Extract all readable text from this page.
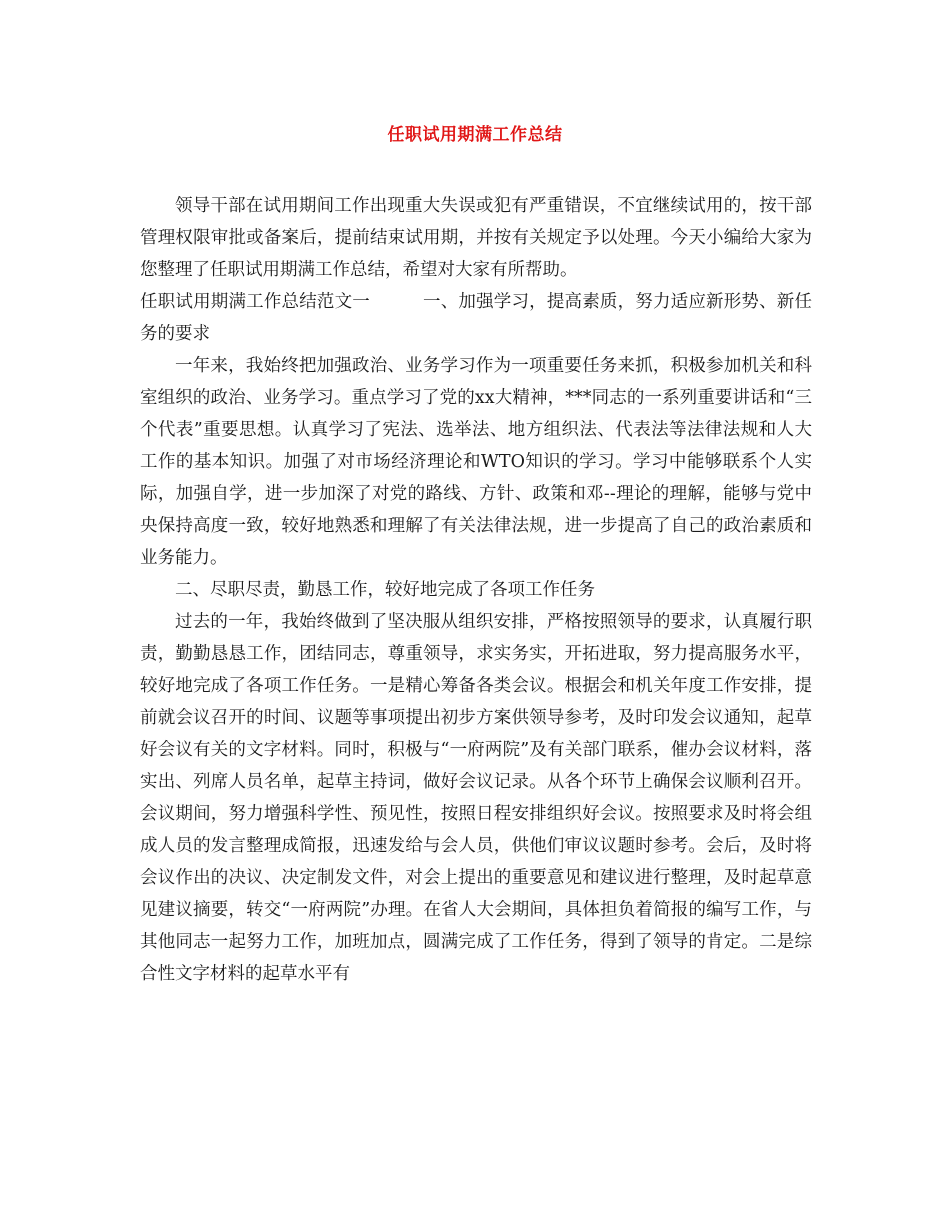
任职试用期满工作总结

领导干部在试用期间工作出现重大失误或犯有严重错误，不宜继续试用的，按干部管理权限审批或备案后，提前结束试用期，并按有关规定予以处理。今天小编给大家为您整理了任职试用期满工作总结，希望对大家有所帮助。

任职试用期满工作总结范文一　　　一、加强学习，提高素质，努力适应新形势、新任务的要求

一年来，我始终把加强政治、业务学习作为一项重要任务来抓，积极参加机关和科室组织的政治、业务学习。重点学习了党的xx大精神，***同志的一系列重要讲话和“三个代表”重要思想。认真学习了宪法、选举法、地方组织法、代表法等法律法规和人大工作的基本知识。加强了对市场经济理论和WTO知识的学习。学习中能够联系个人实际，加强自学，进一步加深了对党的路线、方针、政策和邓--理论的理解，能够与党中央保持高度一致，较好地熟悉和理解了有关法律法规，进一步提高了自己的政治素质和业务能力。

二、尽职尽责，勤恳工作，较好地完成了各项工作任务

过去的一年，我始终做到了坚决服从组织安排，严格按照领导的要求，认真履行职责，勤勤恳恳工作，团结同志，尊重领导，求实务实，开拓进取，努力提高服务水平，较好地完成了各项工作任务。一是精心筹备各类会议。根据会和机关年度工作安排，提前就会议召开的时间、议题等事项提出初步方案供领导参考，及时印发会议通知，起草好会议有关的文字材料。同时，积极与“一府两院”及有关部门联系，催办会议材料，落实出、列席人员名单，起草主持词，做好会议记录。从各个环节上确保会议顺利召开。会议期间，努力增强科学性、预见性，按照日程安排组织好会议。按照要求及时将会组成人员的发言整理成简报，迅速发给与会人员，供他们审议议题时参考。会后，及时将会议作出的决议、决定制发文件，对会上提出的重要意见和建议进行整理，及时起草意见建议摘要，转交“一府两院”办理。在省人大会期间，具体担负着简报的编写工作，与其他同志一起努力工作，加班加点，圆满完成了工作任务，得到了领导的肯定。二是综合性文字材料的起草水平有
